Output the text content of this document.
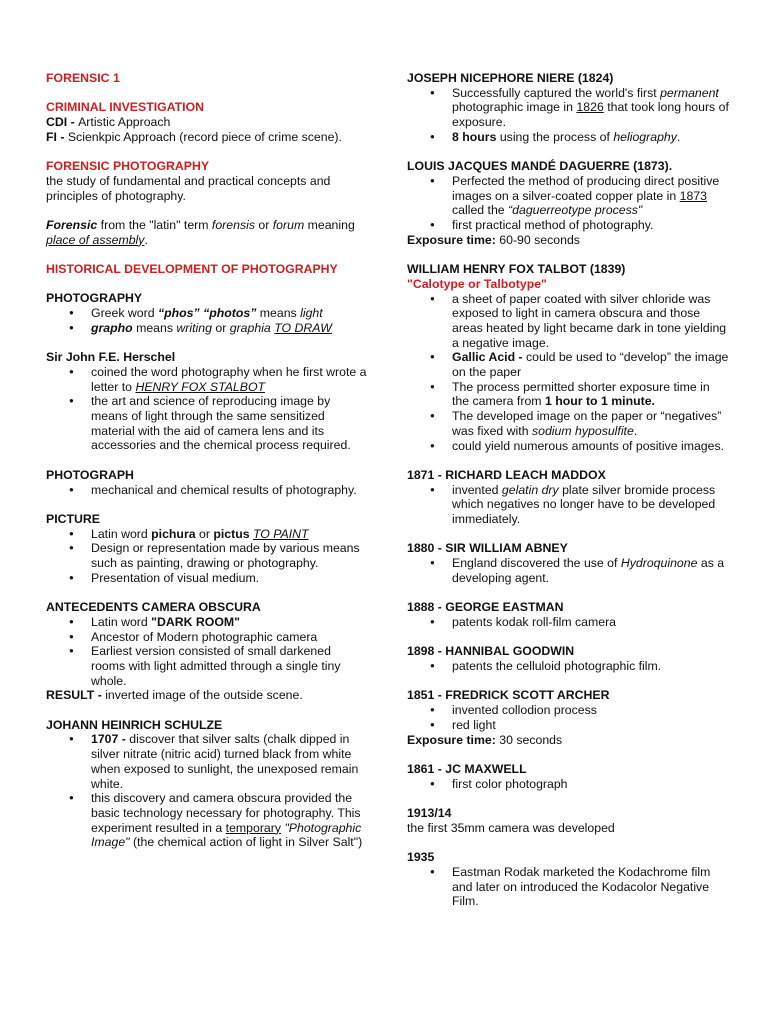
FORENSIC 1

CRIMINAL INVESTIGATION

CDI - Artistic Approach

FI - Scienkpic Approach (record piece of crime scene).

FORENSIC PHOTOGRAPHY

the study of fundamental and practical concepts and principles of photography.

Forensic from the "latin" term forensis or forum meaning place of assembly.

HISTORICAL DEVELOPMENT OF PHOTOGRAPHY

PHOTOGRAPHY

● Greek word “phos” “photos” means light
● grapho means writing or graphia TO DRAW

Sir John F.E. Herschel

● coined the word photography when he first wrote a letter to HENRY FOX STALBOT
● the art and science of reproducing image by means of light through the same sensitized material with the aid of camera lens and its accessories and the chemical process required.

PHOTOGRAPH

● mechanical and chemical results of photography.

PICTURE

● Latin word pichura or pictus TO PAINT
● Design or representation made by various means such as painting, drawing or photography.
● Presentation of visual medium.

ANTECEDENTS CAMERA OBSCURA

● Latin word "DARK ROOM"
● Ancestor of Modern photographic camera
● Earliest version consisted of small darkened rooms with light admitted through a single tiny whole.

RESULT - inverted image of the outside scene.

JOHANN HEINRICH SCHULZE

● 1707 - discover that silver salts (chalk dipped in silver nitrate (nitric acid) turned black from white when exposed to sunlight, the unexposed remain white.
● this discovery and camera obscura provided the basic technology necessary for photography. This experiment resulted in a temporary "Photographic Image" (the chemical action of light in Silver Salt")

JOSEPH NICEPHORE NIERE (1824)

● Successfully captured the world's first permanent photographic image in 1826 that took long hours of exposure.
● 8 hours using the process of heliography.

LOUIS JACQUES MANDÉ DAGUERRE (1873).

● Perfected the method of producing direct positive images on a silver-coated copper plate in 1873 called the “daguerreotype process"
● first practical method of photography.

Exposure time: 60-90 seconds

WILLIAM HENRY FOX TALBOT (1839)

"Calotype or Talbotype"

● a sheet of paper coated with silver chloride was exposed to light in camera obscura and those areas heated by light became dark in tone yielding a negative image.
● Gallic Acid - could be used to “develop” the image on the paper
● The process permitted shorter exposure time in the camera from 1 hour to 1 minute.
● The developed image on the paper or “negatives” was fixed with sodium hyposulfite.
● could yield numerous amounts of positive images.

1871 - RICHARD LEACH MADDOX

● invented gelatin dry plate silver bromide process which negatives no longer have to be developed immediately.

1880 - SIR WILLIAM ABNEY

● England discovered the use of Hydroquinone as a developing agent.

1888 - GEORGE EASTMAN

● patents kodak roll-film camera

1898 - HANNIBAL GOODWIN

● patents the celluloid photographic film.

1851 - FREDRICK SCOTT ARCHER

● invented collodion process
● red light

Exposure time: 30 seconds

1861 - JC MAXWELL

● first color photograph

1913/14

the first 35mm camera was developed

1935

● Eastman Rodak marketed the Kodachrome film and later on introduced the Kodacolor Negative Film.
